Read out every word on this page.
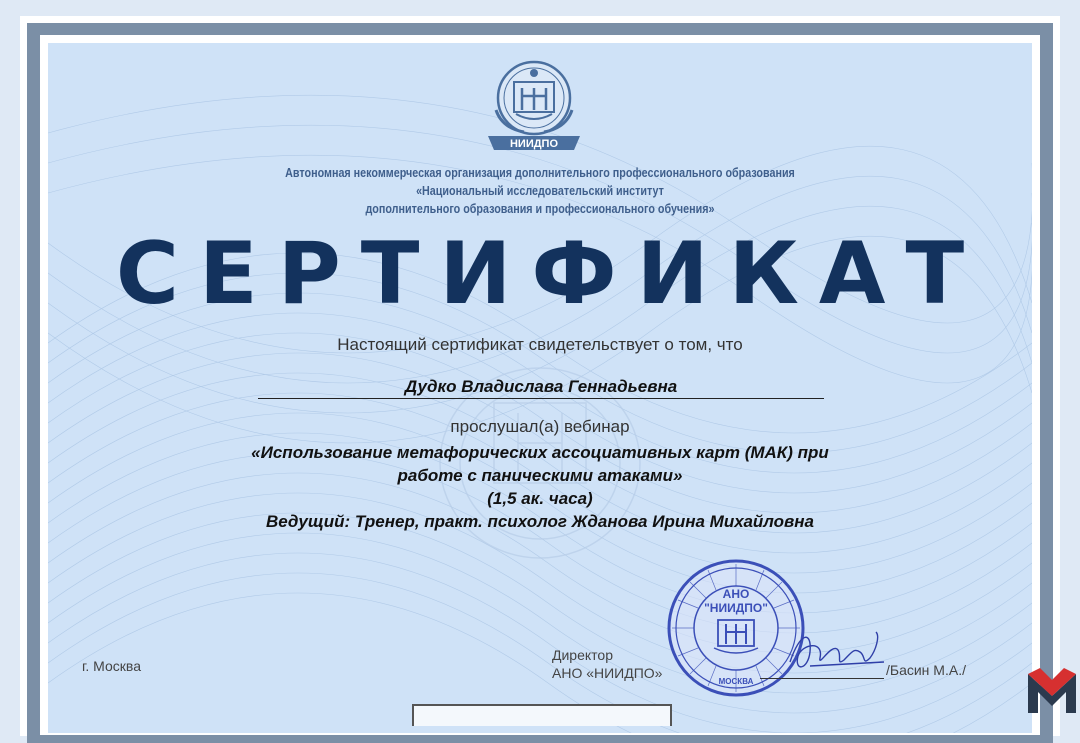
НИИДПО
Автономная некоммерческая организация дополнительного профессионального образования
«Национальный исследовательский институт
дополнительного образования и профессионального обучения»
СЕРТИФИКАТ
Настоящий сертификат свидетельствует о том, что
Дудко Владислава Геннадьевна
прослушал(а) вебинар
«Использование метафорических ассоциативных карт (МАК) при
работе с паническими атаками»
(1,5 ак. часа)
Ведущий: Тренер, практ. психолог Жданова Ирина Михайловна
г. Москва
Директор
АНО «НИИДПО»
АНО
"НИИДПО"
МОСКВА
/Басин М.А./
